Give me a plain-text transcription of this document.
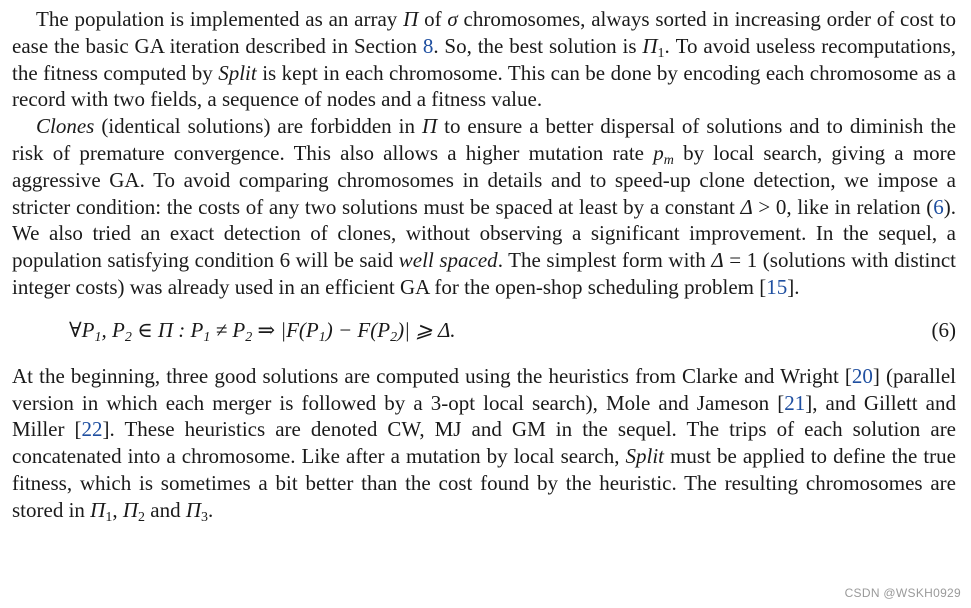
The population is implemented as an array Π of σ chromosomes, always sorted in increasing order of cost to ease the basic GA iteration described in Section 8. So, the best solution is $\Pi_1$. To avoid useless recomputations, the fitness computed by Split is kept in each chromosome. This can be done by encoding each chromosome as a record with two fields, a sequence of nodes and a fitness value.

Clones (identical solutions) are forbidden in Π to ensure a better dispersal of solutions and to diminish the risk of premature convergence. This also allows a higher mutation rate $p_m$ by local search, giving a more aggressive GA. To avoid comparing chromosomes in details and to speed-up clone detection, we impose a stricter condition: the costs of any two solutions must be spaced at least by a constant Δ > 0, like in relation (6). We also tried an exact detection of clones, without observing a significant improvement. In the sequel, a population satisfying condition 6 will be said well spaced. The simplest form with Δ = 1 (solutions with distinct integer costs) was already used in an efficient GA for the open-shop scheduling problem [15].

$\forall P_1$, $P_2$ ∈ Π : $P_1 \ne P_2$ ⇒ $|F(P_1) - F(P_2)|$ ⩾ Δ.	(6)

At the beginning, three good solutions are computed using the heuristics from Clarke and Wright [20] (parallel version in which each merger is followed by a 3-opt local search), Mole and Jameson [21], and Gillett and Miller [22]. These heuristics are denoted CW, MJ and GM in the sequel. The trips of each solution are concatenated into a chromosome. Like after a mutation by local search, Split must be applied to define the true fitness, which is sometimes a bit better than the cost found by the heuristic. The resulting chromosomes are stored in $\Pi_1$, $\Pi_2$ and $\Pi_3$.

CSDN @WSKH0929
